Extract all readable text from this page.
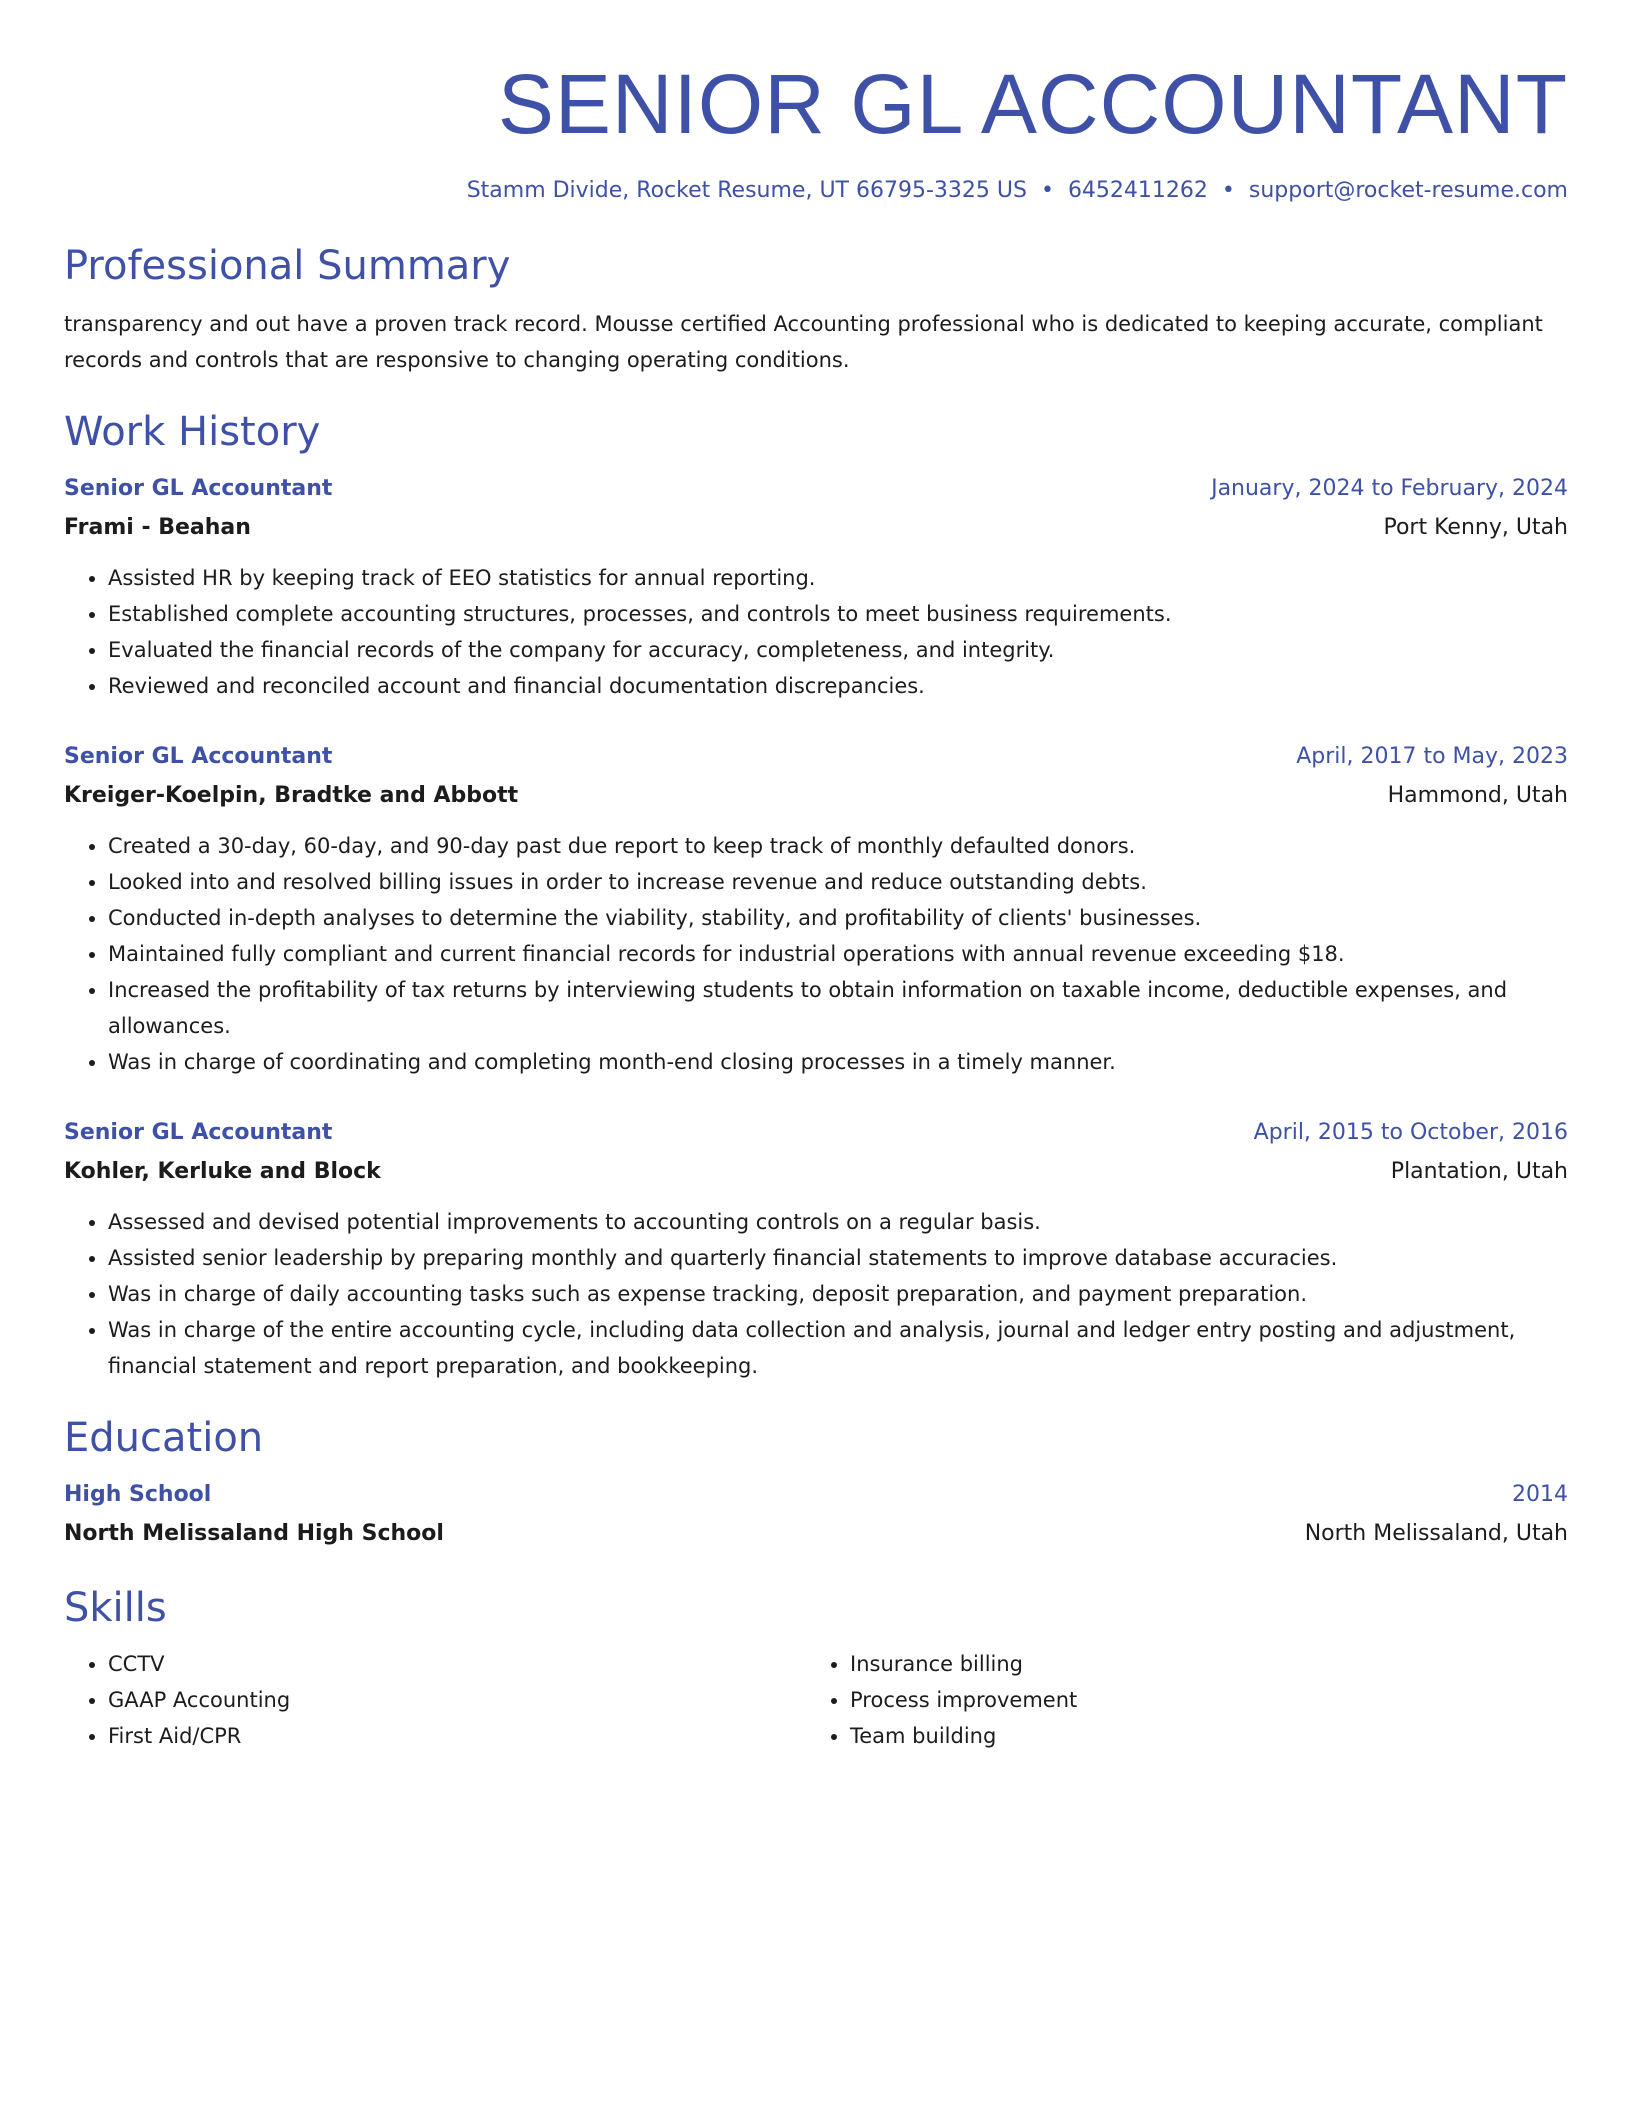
SENIOR GL ACCOUNTANT
Stamm Divide, Rocket Resume, UT 66795-3325 US • 6452411262 • support@rocket-resume.com
Professional Summary
transparency and out have a proven track record. Mousse certified Accounting professional who is dedicated to keeping accurate, compliant records and controls that are responsive to changing operating conditions.
Work History
Senior GL Accountant	January, 2024 to February, 2024
Frami - Beahan	Port Kenny, Utah
• Assisted HR by keeping track of EEO statistics for annual reporting.
• Established complete accounting structures, processes, and controls to meet business requirements.
• Evaluated the financial records of the company for accuracy, completeness, and integrity.
• Reviewed and reconciled account and financial documentation discrepancies.
Senior GL Accountant	April, 2017 to May, 2023
Kreiger-Koelpin, Bradtke and Abbott	Hammond, Utah
• Created a 30-day, 60-day, and 90-day past due report to keep track of monthly defaulted donors.
• Looked into and resolved billing issues in order to increase revenue and reduce outstanding debts.
• Conducted in-depth analyses to determine the viability, stability, and profitability of clients' businesses.
• Maintained fully compliant and current financial records for industrial operations with annual revenue exceeding $18.
• Increased the profitability of tax returns by interviewing students to obtain information on taxable income, deductible expenses, and allowances.
• Was in charge of coordinating and completing month-end closing processes in a timely manner.
Senior GL Accountant	April, 2015 to October, 2016
Kohler, Kerluke and Block	Plantation, Utah
• Assessed and devised potential improvements to accounting controls on a regular basis.
• Assisted senior leadership by preparing monthly and quarterly financial statements to improve database accuracies.
• Was in charge of daily accounting tasks such as expense tracking, deposit preparation, and payment preparation.
• Was in charge of the entire accounting cycle, including data collection and analysis, journal and ledger entry posting and adjustment, financial statement and report preparation, and bookkeeping.
Education
High School	2014
North Melissaland High School	North Melissaland, Utah
Skills
• CCTV
• GAAP Accounting
• First Aid/CPR
• Insurance billing
• Process improvement
• Team building
